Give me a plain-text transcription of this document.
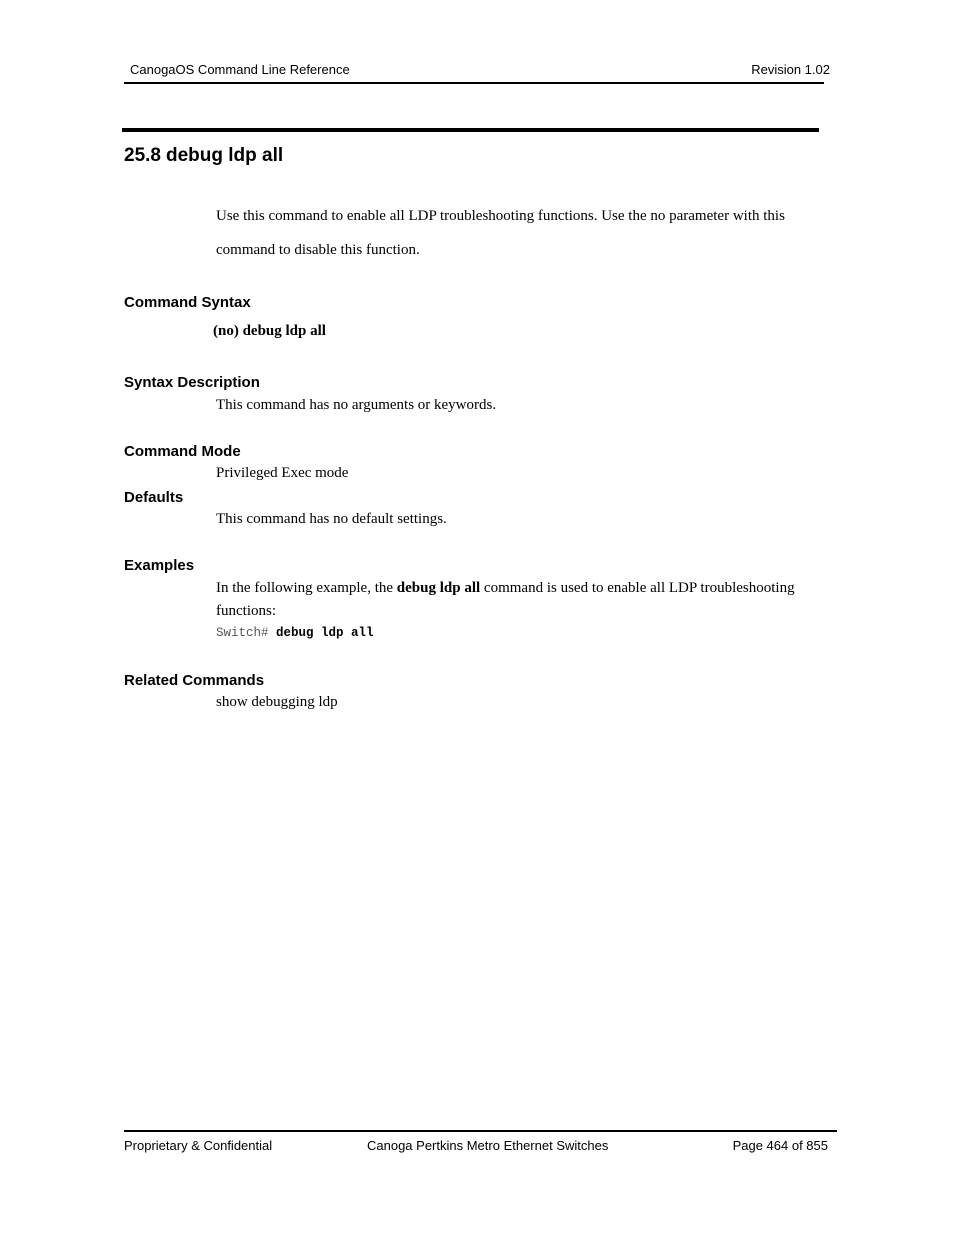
CanogaOS Command Line Reference	Revision 1.02
25.8 debug ldp all
Use this command to enable all LDP troubleshooting functions. Use the no parameter with this
command to disable this function.
Command Syntax
(no) debug ldp all
Syntax Description
This command has no arguments or keywords.
Command Mode
Privileged Exec mode
Defaults
This command has no default settings.
Examples
In the following example, the debug ldp all command is used to enable all LDP troubleshooting
functions:
Switch# debug ldp all
Related Commands
show debugging ldp
Proprietary & Confidential	Canoga Pertkins Metro Ethernet Switches	Page 464 of 855
